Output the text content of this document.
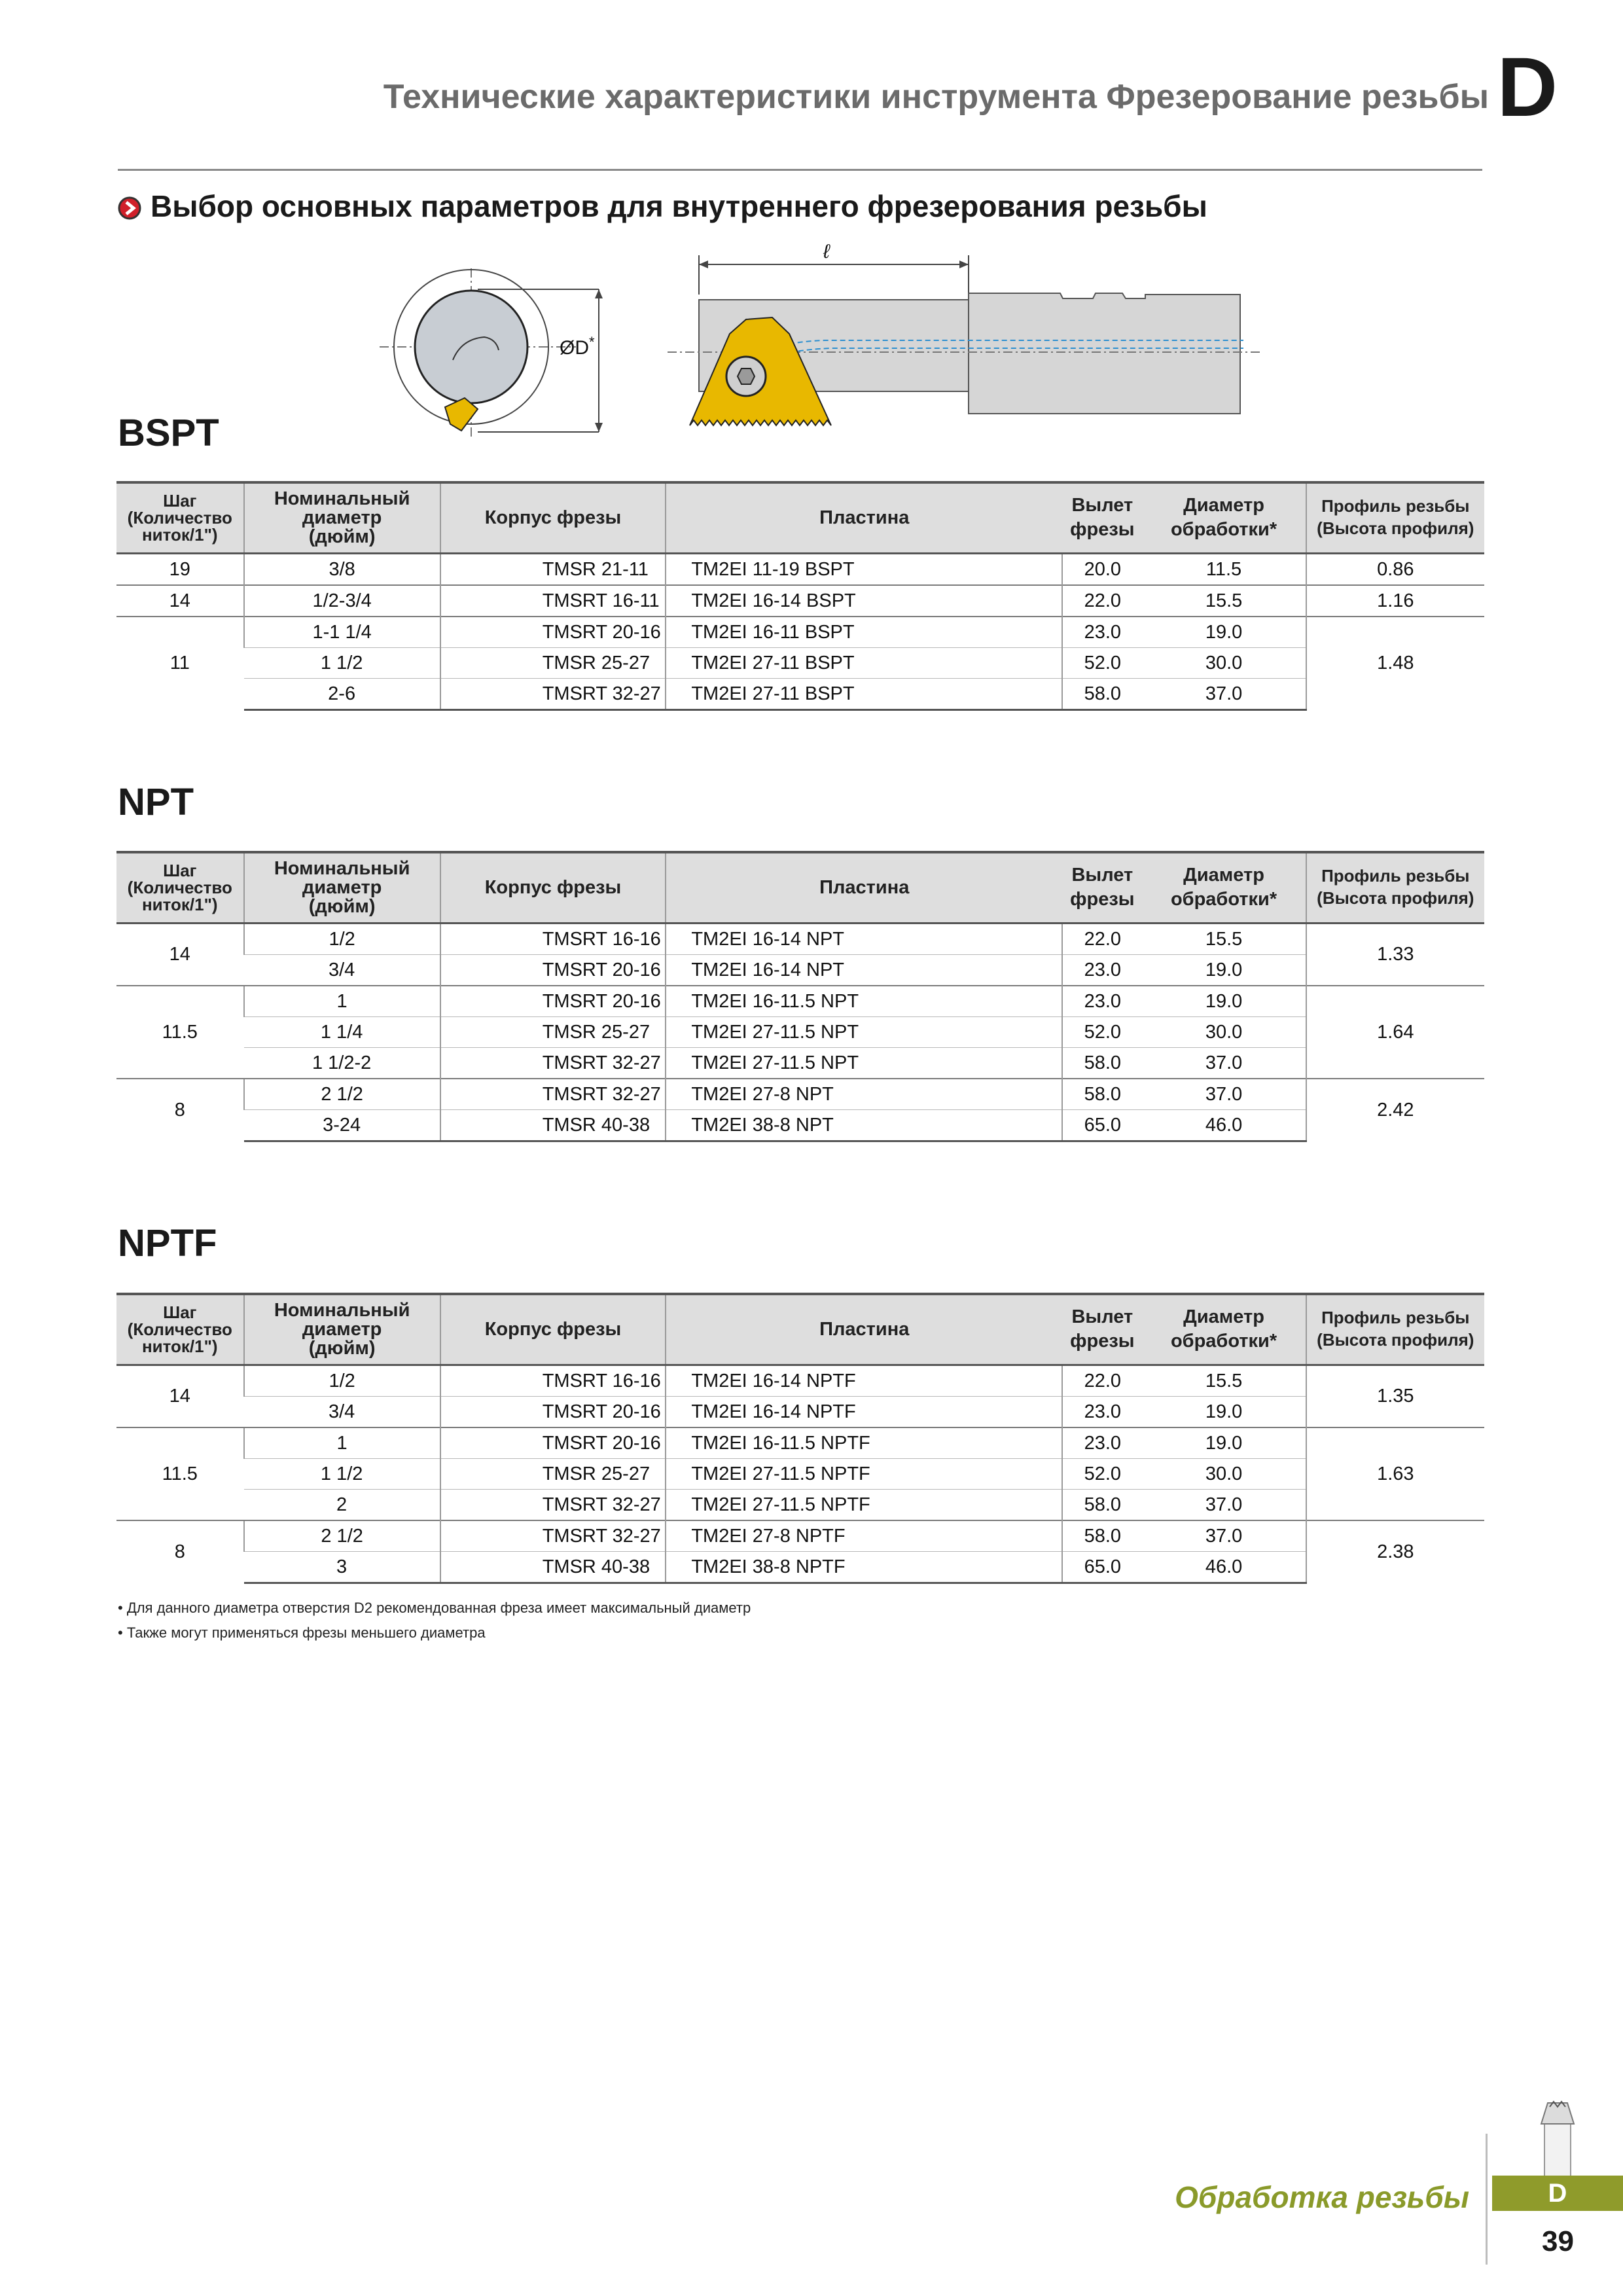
Технические характеристики инструмента Фрезерование резьбы D
Выбор основных параметров для внутреннего фрезерования резьбы
ØD*
ℓ
BSPT
NPT
NPTF
Шаг
(Количество
ниток/1")	Номинальный
диаметр
(дюйм)	Корпус фрезы	Пластина	Вылет
фрезы	Диаметр
обработки*	Профиль резьбы
(Высота профиля)
19	3/8	TMSR 21-11	TM2EI 11-19 BSPT	20.0	11.5	0.86
14	1/2-3/4	TMSRT 16-11	TM2EI 16-14 BSPT	22.0	15.5	1.16
11	1-1 1/4	TMSRT 20-16	TM2EI 16-11 BSPT	23.0	19.0	1.48
	1 1/2	TMSR 25-27	TM2EI 27-11 BSPT	52.0	30.0	
	2-6	TMSRT 32-27	TM2EI 27-11 BSPT	58.0	37.0	
Шаг
(Количество
ниток/1")	Номинальный
диаметр
(дюйм)	Корпус фрезы	Пластина	Вылет
фрезы	Диаметр
обработки*	Профиль резьбы
(Высота профиля)
14	1/2	TMSRT 16-16	TM2EI 16-14 NPT	22.0	15.5	1.33
	3/4	TMSRT 20-16	TM2EI 16-14 NPT	23.0	19.0	
11.5	1	TMSRT 20-16	TM2EI 16-11.5 NPT	23.0	19.0	1.64
	1 1/4	TMSR 25-27	TM2EI 27-11.5 NPT	52.0	30.0	
	1 1/2-2	TMSRT 32-27	TM2EI 27-11.5 NPT	58.0	37.0	
8	2 1/2	TMSRT 32-27	TM2EI 27-8 NPT	58.0	37.0	2.42
	3-24	TMSR 40-38	TM2EI 38-8 NPT	65.0	46.0	
Шаг
(Количество
ниток/1")	Номинальный
диаметр
(дюйм)	Корпус фрезы	Пластина	Вылет
фрезы	Диаметр
обработки*	Профиль резьбы
(Высота профиля)
14	1/2	TMSRT 16-16	TM2EI 16-14 NPTF	22.0	15.5	1.35
	3/4	TMSRT 20-16	TM2EI 16-14 NPTF	23.0	19.0	
11.5	1	TMSRT 20-16	TM2EI 16-11.5 NPTF	23.0	19.0	1.63
	1 1/2	TMSR 25-27	TM2EI 27-11.5 NPTF	52.0	30.0	
	2	TMSRT 32-27	TM2EI 27-11.5 NPTF	58.0	37.0	
8	2 1/2	TMSRT 32-27	TM2EI 27-8 NPTF	58.0	37.0	2.38
	3	TMSR 40-38	TM2EI 38-8 NPTF	65.0	46.0	
• Для данного диаметра отверстия D2 рекомендованная фреза имеет максимальный диаметр
• Также могут применяться фрезы меньшего диаметра
Обработка резьбы	D
39
